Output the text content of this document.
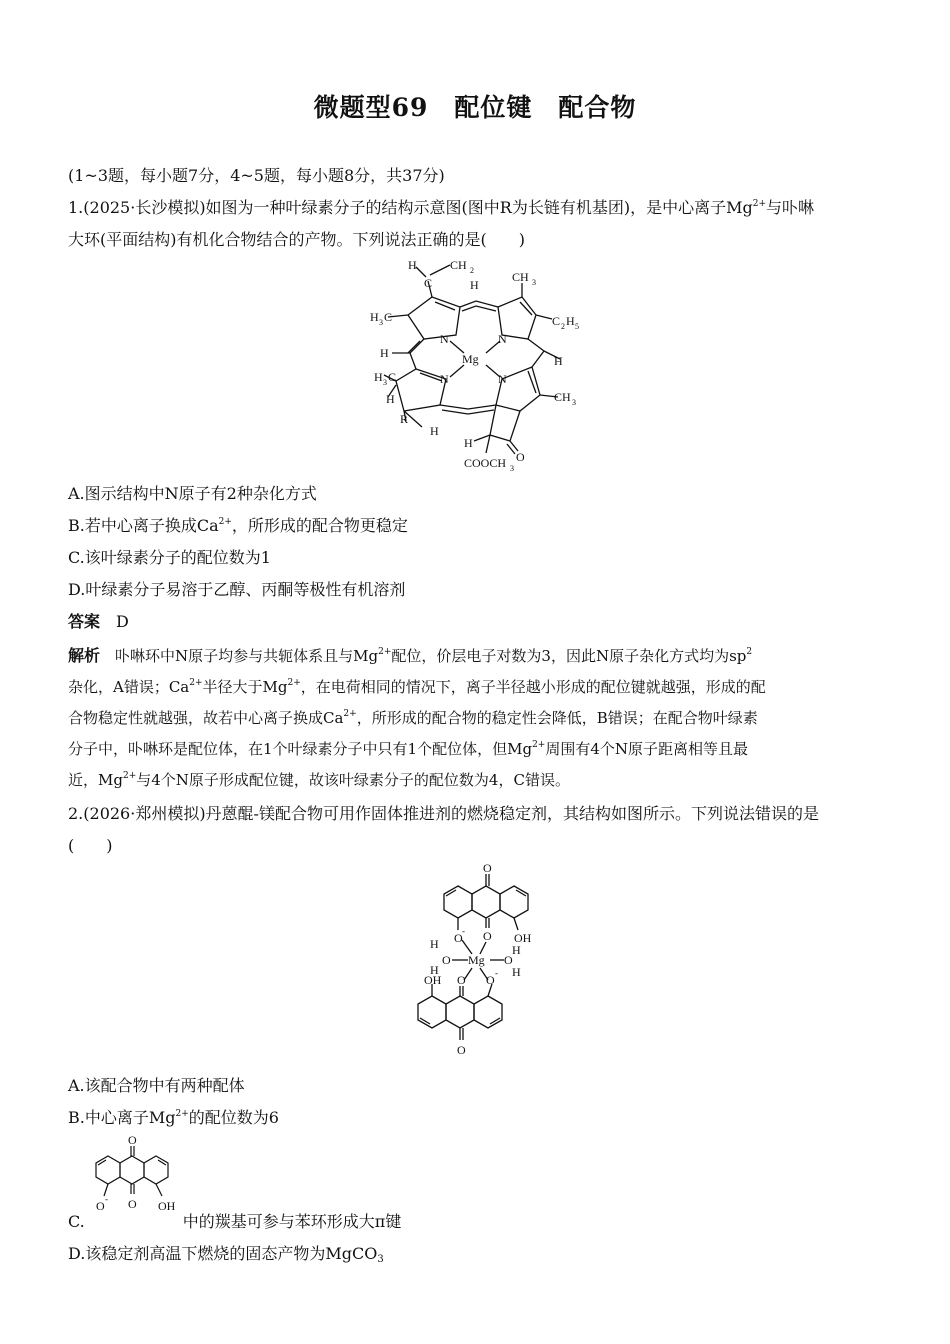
微题型69　配位键　配合物
(1~3题，每小题7分，4~5题，每小题8分，共37分)
1.(2025·长沙模拟)如图为一种叶绿素分子的结构示意图(图中R为长链有机基团)，是中心离子$Mg^{2+}$与卟啉
大环(平面结构)有机化合物结合的产物。下列说法正确的是(　　)
H	CH 2
C	H
CH 3
C 2 H 5
H 3 C
N	N
Mg
H
H
N	N
H 3 C
H	CH 3
R
H
H
O
COOCH 3
A.图示结构中N原子有2种杂化方式
B.若中心离子换成$Ca^{2+}$，所形成的配合物更稳定
C.该叶绿素分子的配位数为1
D.叶绿素分子易溶于乙醇、丙酮等极性有机溶剂
答案　 D
解析　 卟啉环中N原子均参与共轭体系且与$Mg^{2+}$配位，价层电子对数为3，因此N原子杂化方式均为$sp^2$
杂化，A错误；$Ca^{2+}$半径大于$Mg^{2+}$，在电荷相同的情况下，离子半径越小形成的配位键就越强，形成的配
合物稳定性就越强，故若中心离子换成$Ca^{2+}$，所形成的配合物的稳定性会降低，B错误；在配合物叶绿素
分子中，卟啉环是配位体，在1个叶绿素分子中只有1个配位体，但$Mg^{2+}$周围有4个N原子距离相等且最
近，$Mg^{2+}$与4个N原子形成配位键，故该叶绿素分子的配位数为4，C错误。
2.(2026·郑州模拟)丹蒽醌-镁配合物可用作固体推进剂的燃烧稳定剂，其结构如图所示。下列说法错误的是
(　　)
O
O - O OH
H
O
H
Mg O
H
H
OH O O -
O
A.该配合物中有两种配体
B.中心离子$Mg^{2+}$的配位数为6
O
O - O OH
C.	中的羰基可参与苯环形成大π键
D.该稳定剂高温下燃烧的固态产物为MgCO$_3$
